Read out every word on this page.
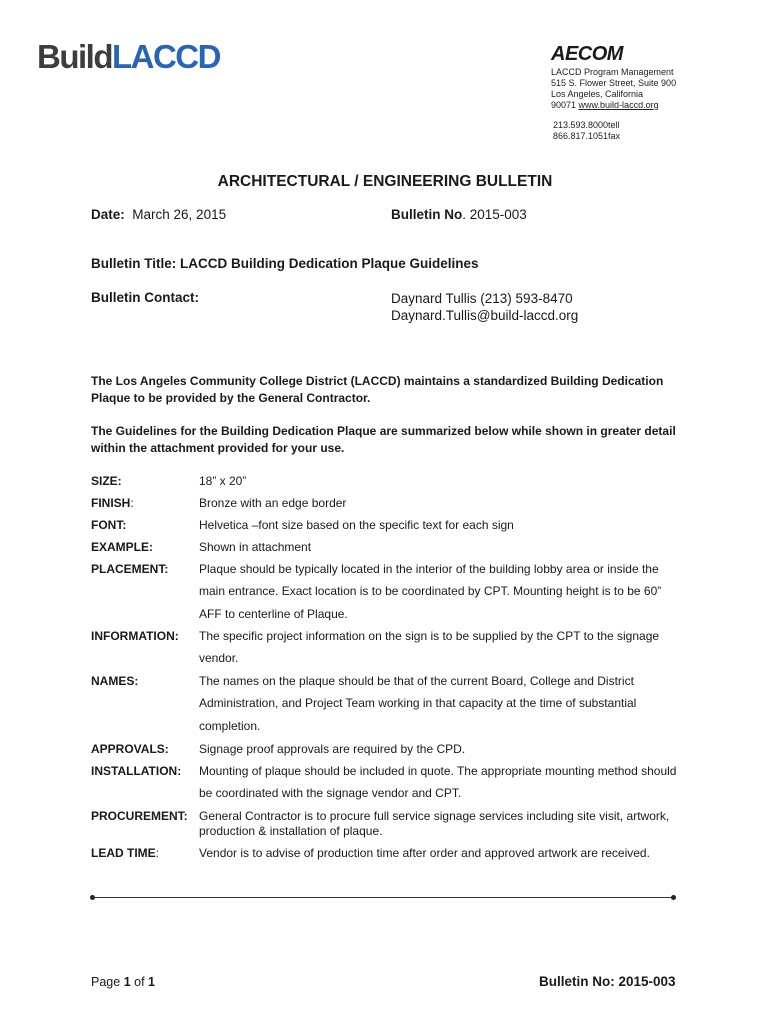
BuildLACCD	AECOM
LACCD Program Management
515 S. Flower Street, Suite 900
Los Angeles, California
90071 www.build-laccd.org
213.593.8000tell
866.817.1051fax
ARCHITECTURAL / ENGINEERING BULLETIN
Date: March 26, 2015	Bulletin No. 2015-003
Bulletin Title: LACCD Building Dedication Plaque Guidelines
Bulletin Contact:	Daynard Tullis (213) 593-8470
Daynard.Tullis@build-laccd.org
The Los Angeles Community College District (LACCD) maintains a standardized Building Dedication Plaque to be provided by the General Contractor.
The Guidelines for the Building Dedication Plaque are summarized below while shown in greater detail within the attachment provided for your use.
SIZE:	18” x 20”
FINISH:	Bronze with an edge border
FONT:	Helvetica –font size based on the specific text for each sign
EXAMPLE:	Shown in attachment
PLACEMENT:	Plaque should be typically located in the interior of the building lobby area or inside the main entrance. Exact location is to be coordinated by CPT. Mounting height is to be 60” AFF to centerline of Plaque.
INFORMATION: The specific project information on the sign is to be supplied by the CPT to the signage vendor.
NAMES:	The names on the plaque should be that of the current Board, College and District Administration, and Project Team working in that capacity at the time of substantial completion.
APPROVALS:	Signage proof approvals are required by the CPD.
INSTALLATION: Mounting of plaque should be included in quote. The appropriate mounting method should be coordinated with the signage vendor and CPT.
PROCUREMENT: General Contractor is to procure full service signage services including site visit, artwork, production & installation of plaque.
LEAD TIME:	Vendor is to advise of production time after order and approved artwork are received.
Page 1 of 1	Bulletin No: 2015-003
